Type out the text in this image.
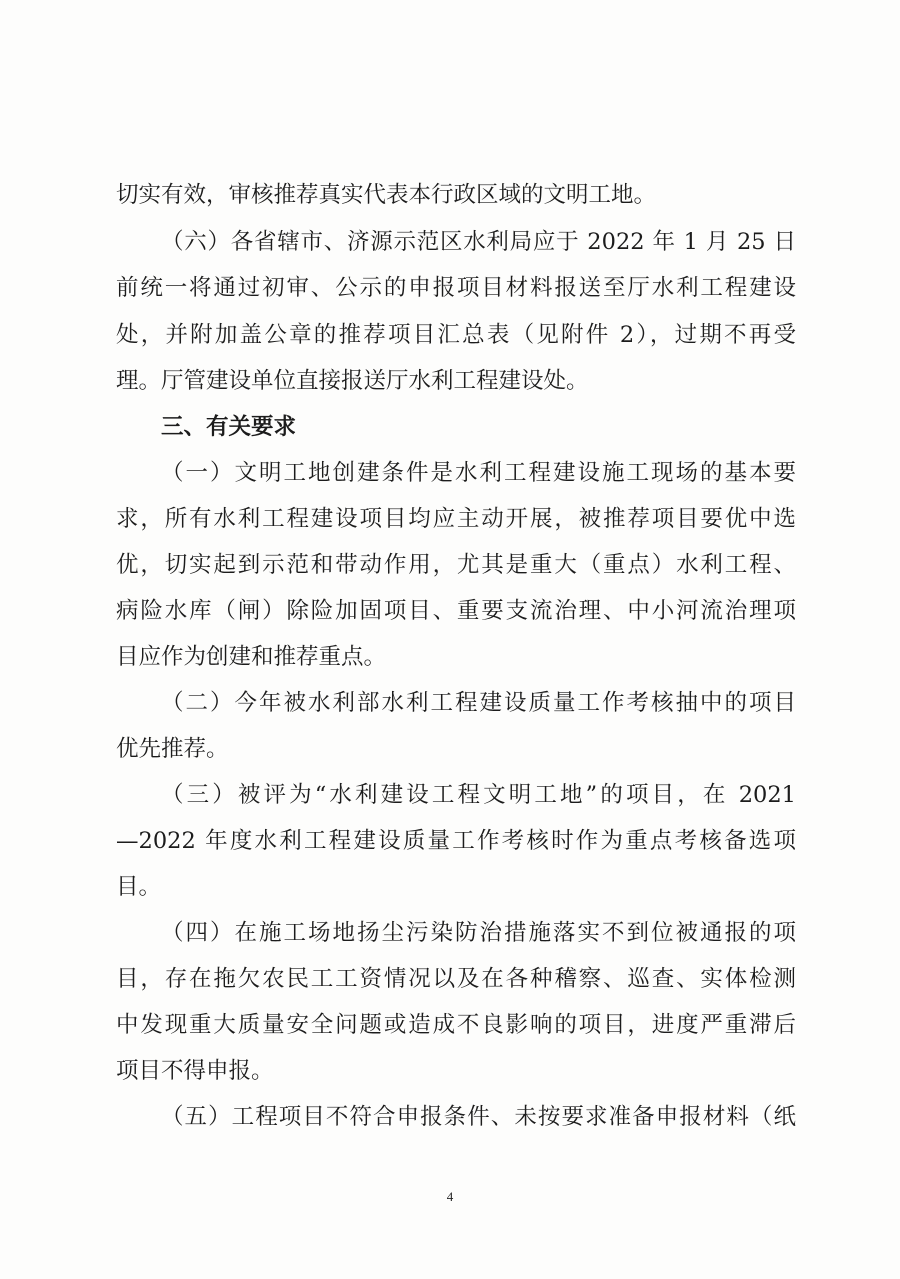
切实有效，审核推荐真实代表本行政区域的文明工地。
（六）各省辖市、济源示范区水利局应于 2022 年 1 月 25 日
前统一将通过初审、公示的申报项目材料报送至厅水利工程建设
处，并附加盖公章的推荐项目汇总表（见附件 2），过期不再受
理。厅管建设单位直接报送厅水利工程建设处。
三、有关要求
（一）文明工地创建条件是水利工程建设施工现场的基本要
求，所有水利工程建设项目均应主动开展，被推荐项目要优中选
优，切实起到示范和带动作用，尤其是重大（重点）水利工程、
病险水库（闸）除险加固项目、重要支流治理、中小河流治理项
目应作为创建和推荐重点。
（二）今年被水利部水利工程建设质量工作考核抽中的项目
优先推荐。
（三）被评为“水利建设工程文明工地”的项目，在 2021
—2022 年度水利工程建设质量工作考核时作为重点考核备选项
目。
（四）在施工场地扬尘污染防治措施落实不到位被通报的项
目，存在拖欠农民工工资情况以及在各种稽察、巡查、实体检测
中发现重大质量安全问题或造成不良影响的项目，进度严重滞后
项目不得申报。
（五）工程项目不符合申报条件、未按要求准备申报材料（纸
4
